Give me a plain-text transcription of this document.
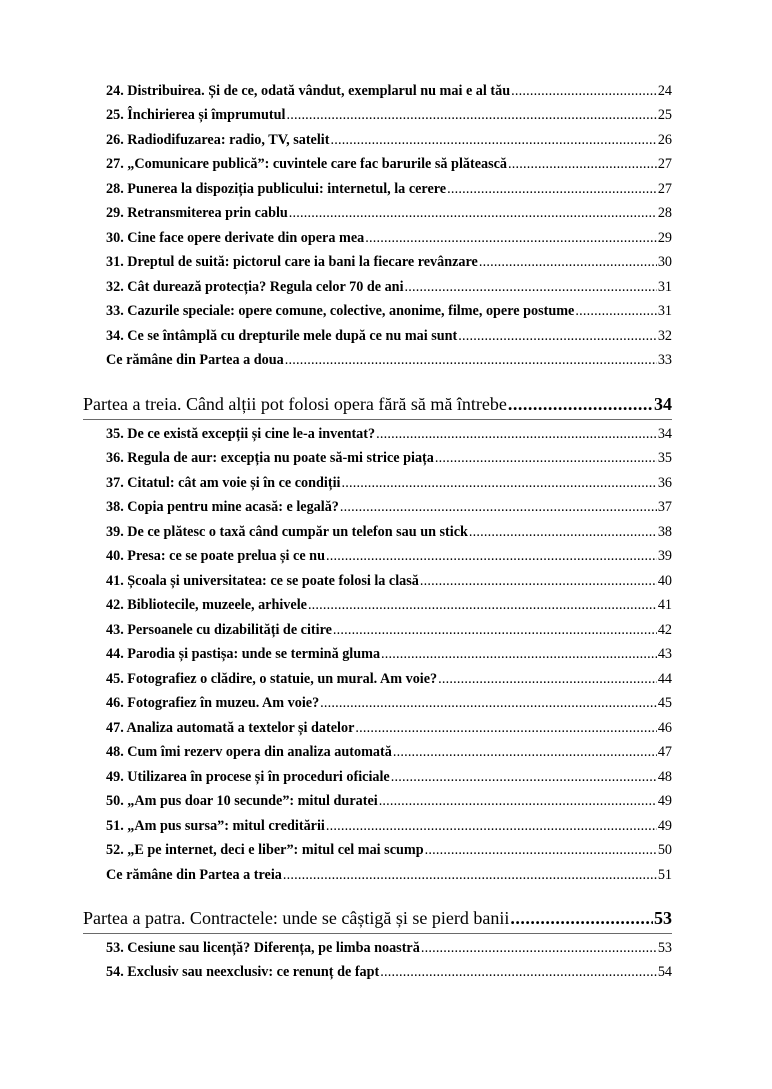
24. Distribuirea. Și de ce, odată vândut, exemplarul nu mai e al tău .....	24
25. Închirierea și împrumutul .....	25
26. Radiodifuzarea: radio, TV, satelit .....	26
27. „Comunicare publică”: cuvintele care fac barurile să plătească .....	27
28. Punerea la dispoziția publicului: internetul, la cerere .....	27
29. Retransmiterea prin cablu .....	28
30. Cine face opere derivate din opera mea .....	29
31. Dreptul de suită: pictorul care ia bani la fiecare revânzare .....	30
32. Cât durează protecția? Regula celor 70 de ani .....	31
33. Cazurile speciale: opere comune, colective, anonime, filme, opere postume .....	31
34. Ce se întâmplă cu drepturile mele după ce nu mai sunt .....	32
Ce rămâne din Partea a doua .....	33
Partea a treia. Când alții pot folosi opera fără să mă întrebe .....	34
35. De ce există excepții și cine le-a inventat? .....	34
36. Regula de aur: excepția nu poate să-mi strice piața .....	35
37. Citatul: cât am voie și în ce condiții .....	36
38. Copia pentru mine acasă: e legală? .....	37
39. De ce plătesc o taxă când cumpăr un telefon sau un stick .....	38
40. Presa: ce se poate prelua și ce nu .....	39
41. Școala și universitatea: ce se poate folosi la clasă .....	40
42. Bibliotecile, muzeele, arhivele .....	41
43. Persoanele cu dizabilități de citire .....	42
44. Parodia și pastișa: unde se termină gluma .....	43
45. Fotografiez o clădire, o statuie, un mural. Am voie? .....	44
46. Fotografiez în muzeu. Am voie? .....	45
47. Analiza automată a textelor și datelor .....	46
48. Cum îmi rezerv opera din analiza automată .....	47
49. Utilizarea în procese și în proceduri oficiale .....	48
50. „Am pus doar 10 secunde”: mitul duratei .....	49
51. „Am pus sursa”: mitul creditării .....	49
52. „E pe internet, deci e liber”: mitul cel mai scump .....	50
Ce rămâne din Partea a treia .....	51
Partea a patra. Contractele: unde se câștigă și se pierd banii .....	53
53. Cesiune sau licență? Diferența, pe limba noastră .....	53
54. Exclusiv sau neexclusiv: ce renunț de fapt .....	54
